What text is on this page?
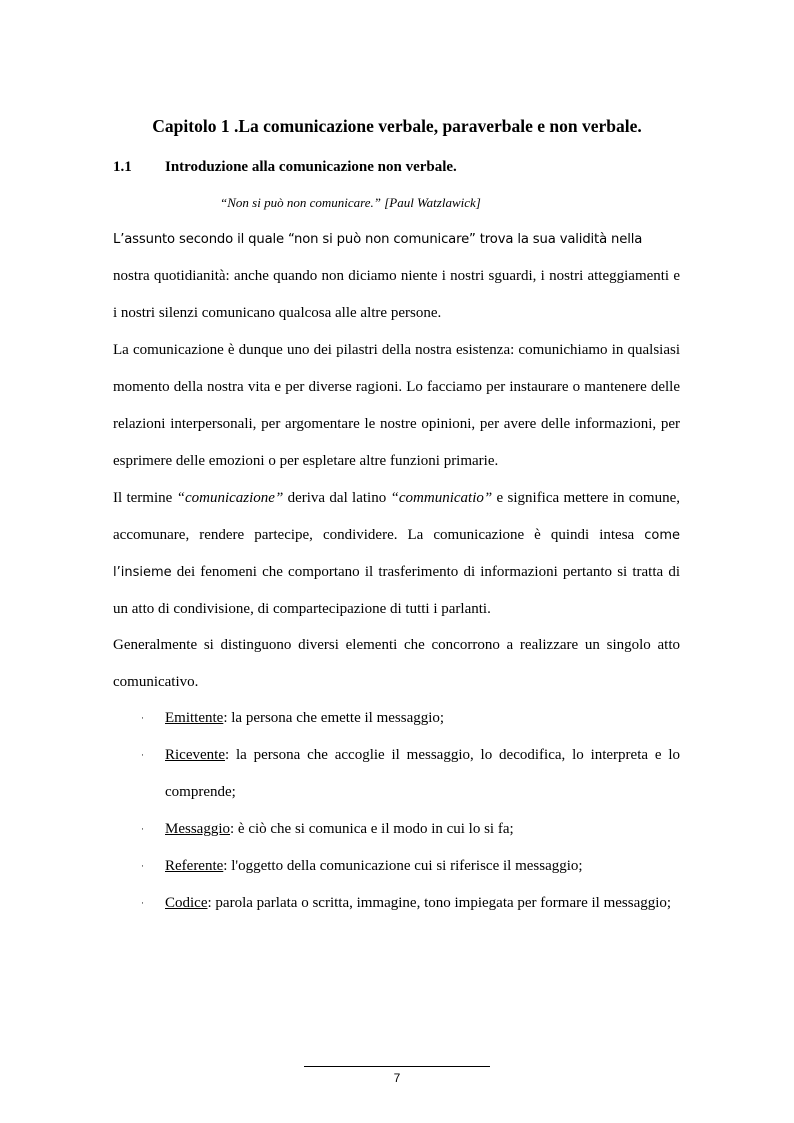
Capitolo 1 .La comunicazione verbale, paraverbale e non verbale.
1.1 Introduzione alla comunicazione non verbale.
“Non si può non comunicare.” [Paul Watzlawick]
L’assunto secondo il quale “non si può non comunicare” trova la sua validità nella
nostra quotidianità: anche quando non diciamo niente i nostri sguardi, i nostri atteggiamenti e i nostri silenzi comunicano qualcosa alle altre persone.
La comunicazione è dunque uno dei pilastri della nostra esistenza: comunichiamo in qualsiasi momento della nostra vita e per diverse ragioni. Lo facciamo per instaurare o mantenere delle relazioni interpersonali, per argomentare le nostre opinioni, per avere delle informazioni, per esprimere delle emozioni o per espletare altre funzioni primarie.
Il termine “comunicazione” deriva dal latino “communicatio” e significa mettere in comune, accomunare, rendere partecipe, condividere. La comunicazione è quindi intesa come l’insieme dei fenomeni che comportano il trasferimento di informazioni pertanto si tratta di un atto di condivisione, di compartecipazione di tutti i parlanti.
Generalmente si distinguono diversi elementi che concorrono a realizzare un singolo atto comunicativo.
· Emittente: la persona che emette il messaggio;
· Ricevente: la persona che accoglie il messaggio, lo decodifica, lo interpreta e lo comprende;
· Messaggio: è ciò che si comunica e il modo in cui lo si fa;
· Referente: l'oggetto della comunicazione cui si riferisce il messaggio;
· Codice: parola parlata o scritta, immagine, tono impiegata per formare il messaggio;
7
